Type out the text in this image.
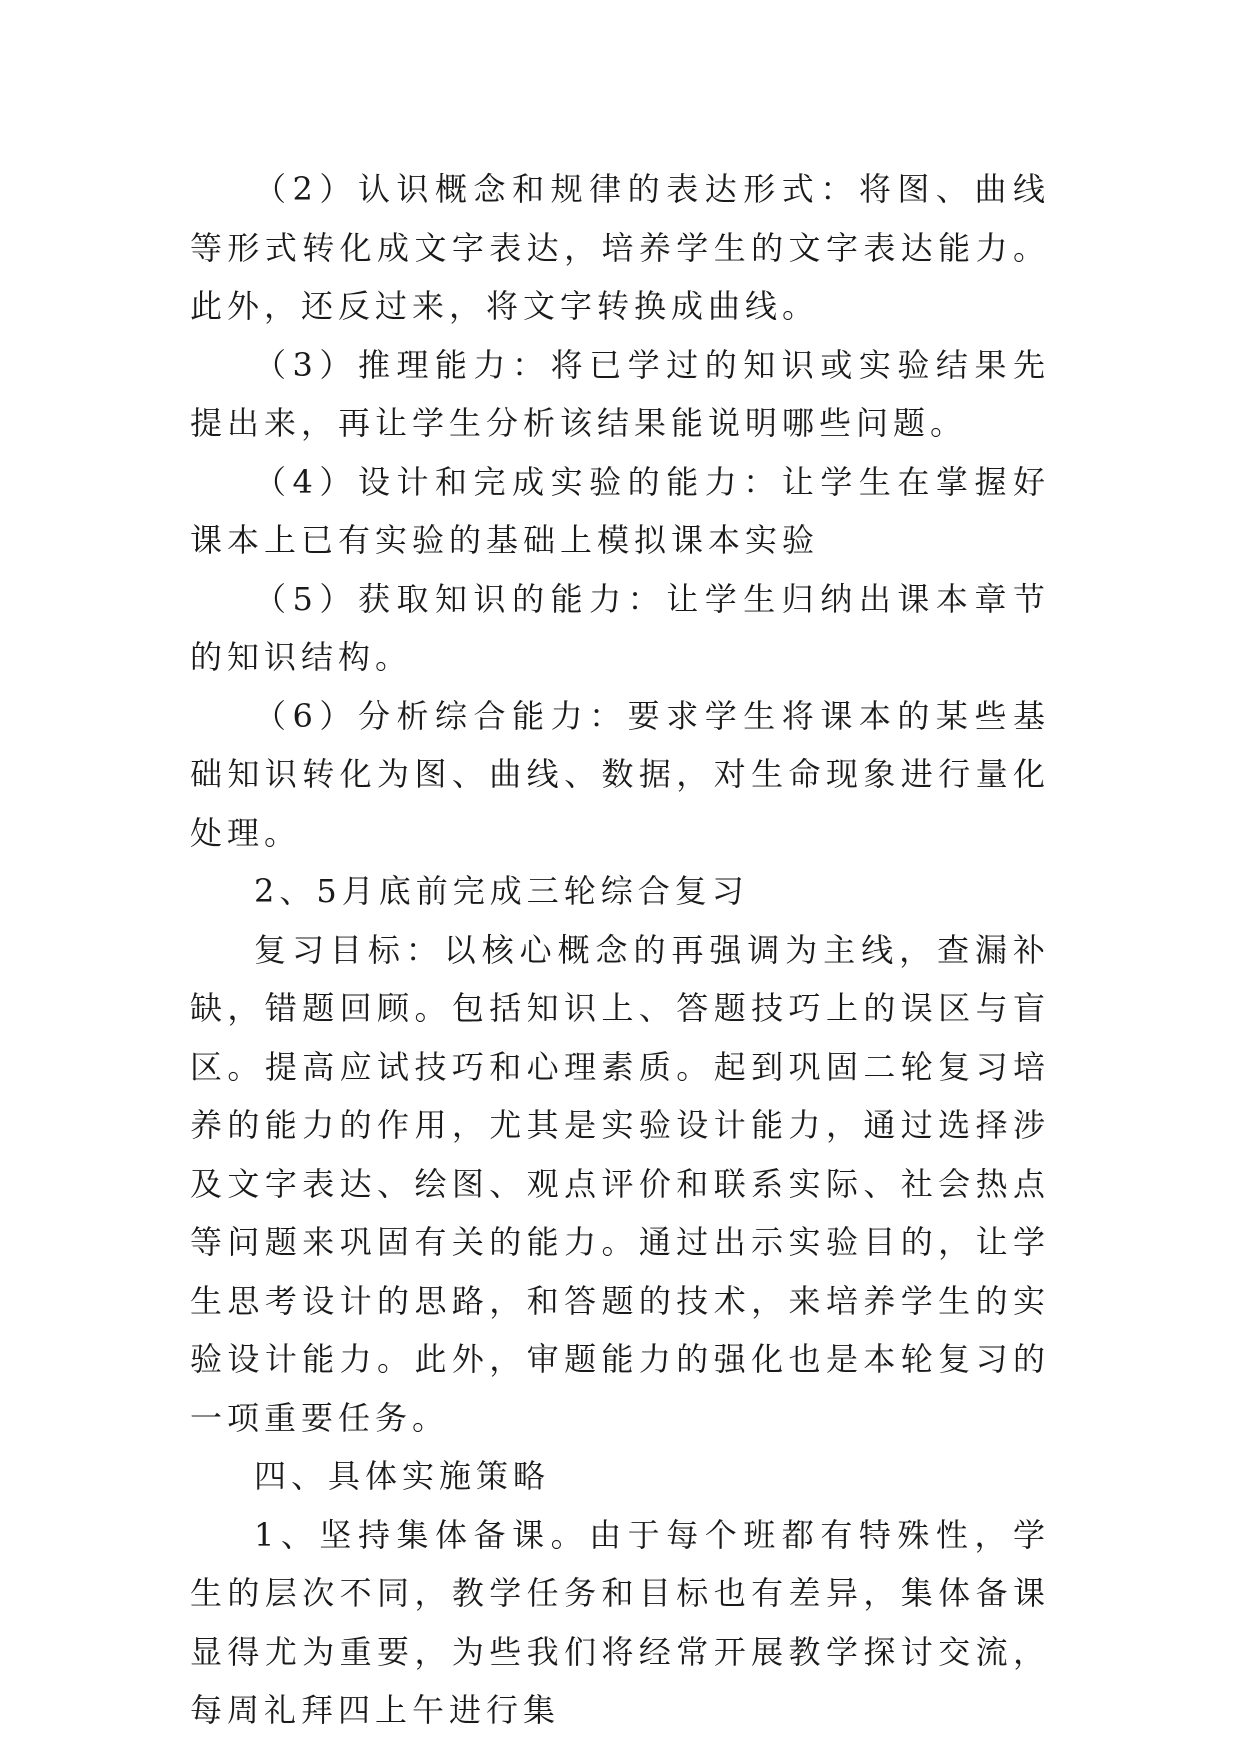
（2）认识概念和规律的表达形式：将图、曲线等形式转化成文字表达，培养学生的文字表达能力。此外，还反过来，将文字转换成曲线。

（3）推理能力：将已学过的知识或实验结果先提出来，再让学生分析该结果能说明哪些问题。

（4）设计和完成实验的能力：让学生在掌握好课本上已有实验的基础上模拟课本实验

（5）获取知识的能力：让学生归纳出课本章节的知识结构。

（6）分析综合能力：要求学生将课本的某些基础知识转化为图、曲线、数据，对生命现象进行量化处理。

2、5月底前完成三轮综合复习

复习目标：以核心概念的再强调为主线，查漏补缺，错题回顾。包括知识上、答题技巧上的误区与盲区。提高应试技巧和心理素质。起到巩固二轮复习培养的能力的作用，尤其是实验设计能力，通过选择涉及文字表达、绘图、观点评价和联系实际、社会热点等问题来巩固有关的能力。通过出示实验目的，让学生思考设计的思路，和答题的技术，来培养学生的实验设计能力。此外，审题能力的强化也是本轮复习的一项重要任务。

四、具体实施策略

1、坚持集体备课。由于每个班都有特殊性，学生的层次不同，教学任务和目标也有差异，集体备课显得尤为重要，为些我们将经常开展教学探讨交流，每周礼拜四上午进行集
